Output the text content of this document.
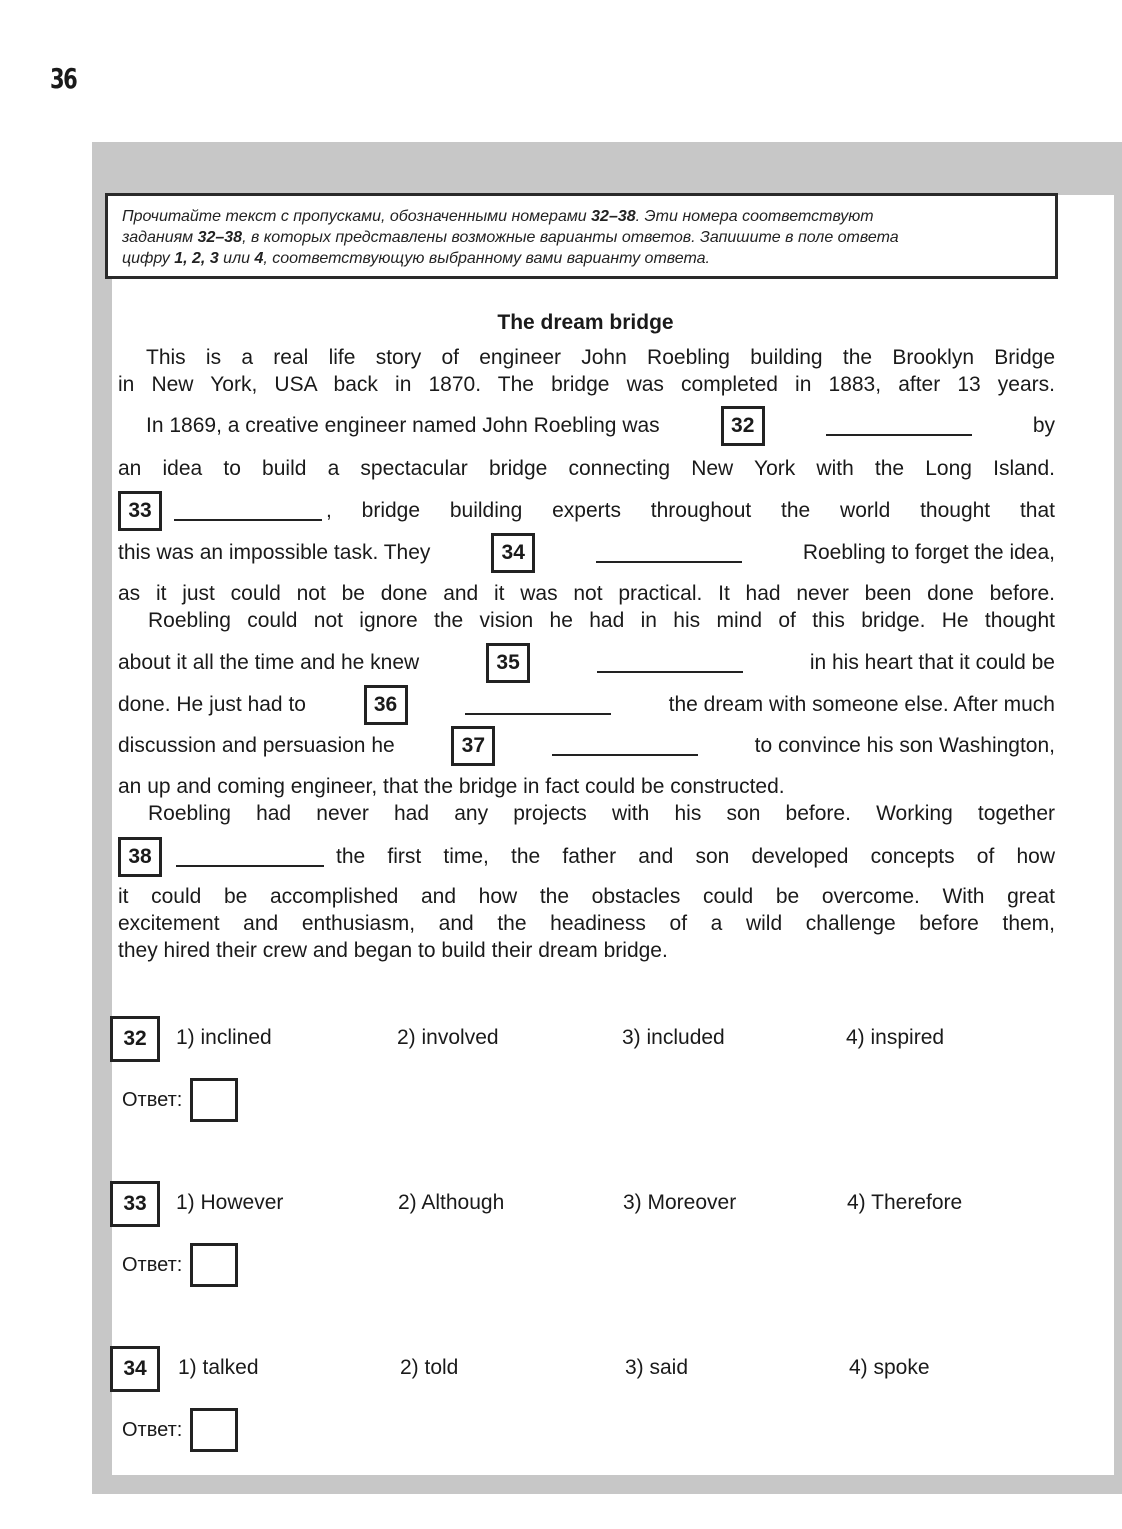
36
Прочитайте текст с пропусками, обозначенными номерами 32–38. Эти номера соответствуют
заданиям 32–38, в которых представлены возможные варианты ответов. Запишите в поле ответа
цифру 1, 2, 3 или 4, соответствующую выбранному вами варианту ответа.
The dream bridge
This is a real life story of engineer John Roebling building the Brooklyn Bridge
in New York, USA back in 1870. The bridge was completed in 1883, after 13 years.
In 1869, a creative engineer named John Roebling was	32	by
an idea to build a spectacular bridge connecting New York with the Long Island.
33	, bridge building experts throughout the world thought that
this was an impossible task. They	34	Roebling to forget the idea,
as it just could not be done and it was not practical. It had never been done before.
Roebling could not ignore the vision he had in his mind of this bridge. He thought
about it all the time and he knew	35	in his heart that it could be
done. He just had to	36	the dream with someone else. After much
discussion and persuasion he	37	to convince his son Washington,
an up and coming engineer, that the bridge in fact could be constructed.
Roebling had never had any projects with his son before. Working together
38	the first time, the father and son developed concepts of how
it could be accomplished and how the obstacles could be overcome. With great
excitement and enthusiasm, and the headiness of a wild challenge before them,
they hired their crew and began to build their dream bridge.
32	1) inclined	2) involved	3) included	4) inspired
Ответ:
33	1) However	2) Although	3) Moreover	4) Therefore
Ответ:
34	1) talked	2) told	3) said	4) spoke
Ответ:
